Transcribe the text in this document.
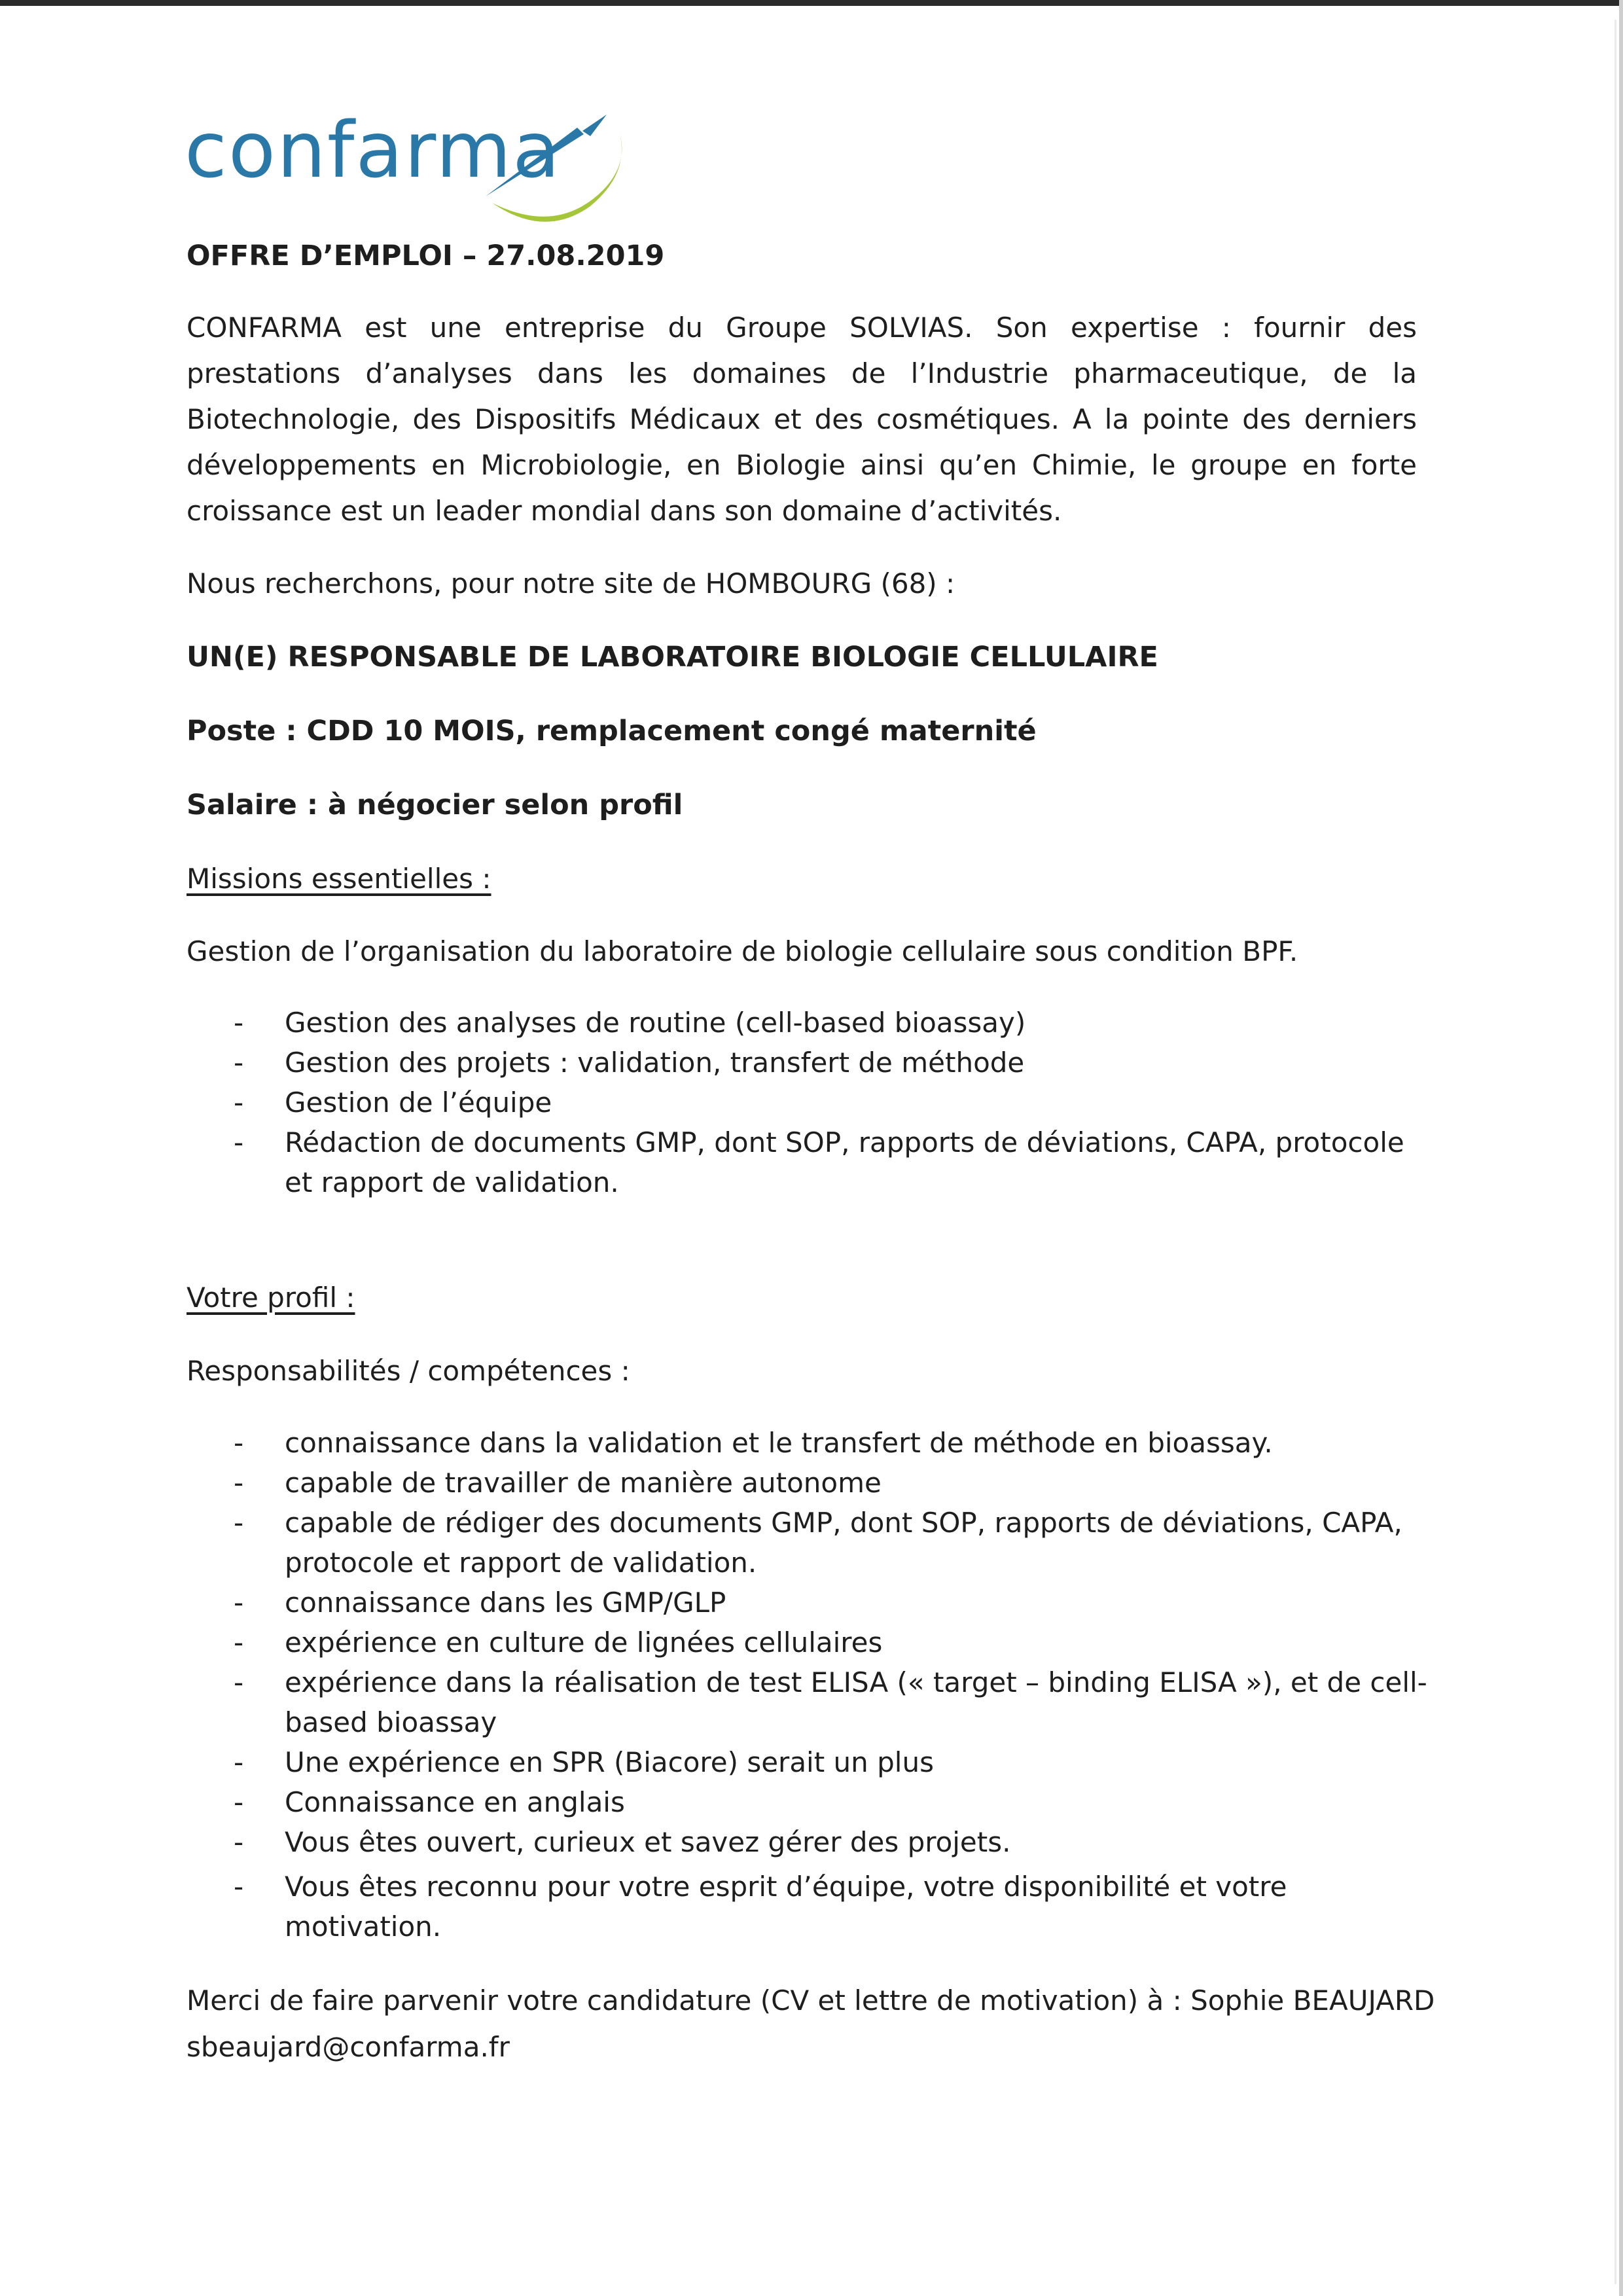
confarma

OFFRE D’EMPLOI – 27.08.2019

CONFARMA est une entreprise du Groupe SOLVIAS. Son expertise : fournir des prestations d’analyses dans les domaines de l’Industrie pharmaceutique, de la Biotechnologie, des Dispositifs Médicaux et des cosmétiques. A la pointe des derniers développements en Microbiologie, en Biologie ainsi qu’en Chimie, le groupe en forte croissance est un leader mondial dans son domaine d’activités.

Nous recherchons, pour notre site de HOMBOURG (68) :

UN(E) RESPONSABLE DE LABORATOIRE BIOLOGIE CELLULAIRE

Poste : CDD 10 MOIS, remplacement congé maternité

Salaire : à négocier selon profil

Missions essentielles :

Gestion de l’organisation du laboratoire de biologie cellulaire sous condition BPF.

- Gestion des analyses de routine (cell-based bioassay)
- Gestion des projets : validation, transfert de méthode
- Gestion de l’équipe
- Rédaction de documents GMP, dont SOP, rapports de déviations, CAPA, protocole et rapport de validation.

Votre profil :

Responsabilités / compétences :

- connaissance dans la validation et le transfert de méthode en bioassay.
- capable de travailler de manière autonome
- capable de rédiger des documents GMP, dont SOP, rapports de déviations, CAPA, protocole et rapport de validation.
- connaissance dans les GMP/GLP
- expérience en culture de lignées cellulaires
- expérience dans la réalisation de test ELISA (« target – binding ELISA »), et de cell-based bioassay
- Une expérience en SPR (Biacore) serait un plus
- Connaissance en anglais
- Vous êtes ouvert, curieux et savez gérer des projets.
- Vous êtes reconnu pour votre esprit d’équipe, votre disponibilité et votre motivation.

Merci de faire parvenir votre candidature (CV et lettre de motivation) à : Sophie BEAUJARD

sbeaujard@confarma.fr
